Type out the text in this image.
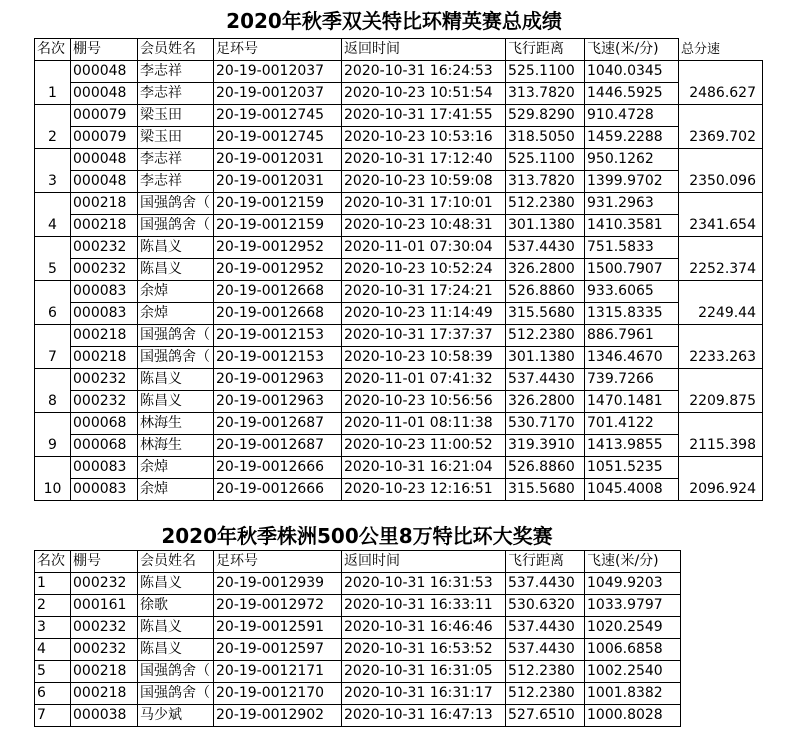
2020年秋季双关特比环精英赛总成绩
名次	棚号	会员姓名	足环号	返回时间	飞行距离	飞速(米/分)	总分速
1	000048	李志祥	20-19-0012037	2020-10-31 16:24:53	525.1100	1040.0345	2486.627
	000048	李志祥	20-19-0012037	2020-10-23 10:51:54	313.7820	1446.5925	
2	000079	梁玉田	20-19-0012745	2020-10-31 17:41:55	529.8290	910.4728	2369.702
	000079	梁玉田	20-19-0012745	2020-10-23 10:53:16	318.5050	1459.2288	
3	000048	李志祥	20-19-0012031	2020-10-31 17:12:40	525.1100	950.1262	2350.096
	000048	李志祥	20-19-0012031	2020-10-23 10:59:08	313.7820	1399.9702	
4	000218	国强鸽舍（	20-19-0012159	2020-10-31 17:10:01	512.2380	931.2963	2341.654
	000218	国强鸽舍（	20-19-0012159	2020-10-23 10:48:31	301.1380	1410.3581	
5	000232	陈昌义	20-19-0012952	2020-11-01 07:30:04	537.4430	751.5833	2252.374
	000232	陈昌义	20-19-0012952	2020-10-23 10:52:24	326.2800	1500.7907	
6	000083	余焯	20-19-0012668	2020-10-31 17:24:21	526.8860	933.6065	2249.44
	000083	余焯	20-19-0012668	2020-10-23 11:14:49	315.5680	1315.8335	
7	000218	国强鸽舍（	20-19-0012153	2020-10-31 17:37:37	512.2380	886.7961	2233.263
	000218	国强鸽舍（	20-19-0012153	2020-10-23 10:58:39	301.1380	1346.4670	
8	000232	陈昌义	20-19-0012963	2020-11-01 07:41:32	537.4430	739.7266	2209.875
	000232	陈昌义	20-19-0012963	2020-10-23 10:56:56	326.2800	1470.1481	
9	000068	林海生	20-19-0012687	2020-11-01 08:11:38	530.7170	701.4122	2115.398
	000068	林海生	20-19-0012687	2020-10-23 11:00:52	319.3910	1413.9855	
10	000083	余焯	20-19-0012666	2020-10-31 16:21:04	526.8860	1051.5235	2096.924
	000083	余焯	20-19-0012666	2020-10-23 12:16:51	315.5680	1045.4008	
2020年秋季株洲500公里8万特比环大奖赛
名次	棚号	会员姓名	足环号	返回时间	飞行距离	飞速(米/分)
1	000232	陈昌义	20-19-0012939	2020-10-31 16:31:53	537.4430	1049.9203
2	000161	徐歌	20-19-0012972	2020-10-31 16:33:11	530.6320	1033.9797
3	000232	陈昌义	20-19-0012591	2020-10-31 16:46:46	537.4430	1020.2549
4	000232	陈昌义	20-19-0012597	2020-10-31 16:53:52	537.4430	1006.6858
5	000218	国强鸽舍（	20-19-0012171	2020-10-31 16:31:05	512.2380	1002.2540
6	000218	国强鸽舍（	20-19-0012170	2020-10-31 16:31:17	512.2380	1001.8382
7	000038	马少斌	20-19-0012902	2020-10-31 16:47:13	527.6510	1000.8028
